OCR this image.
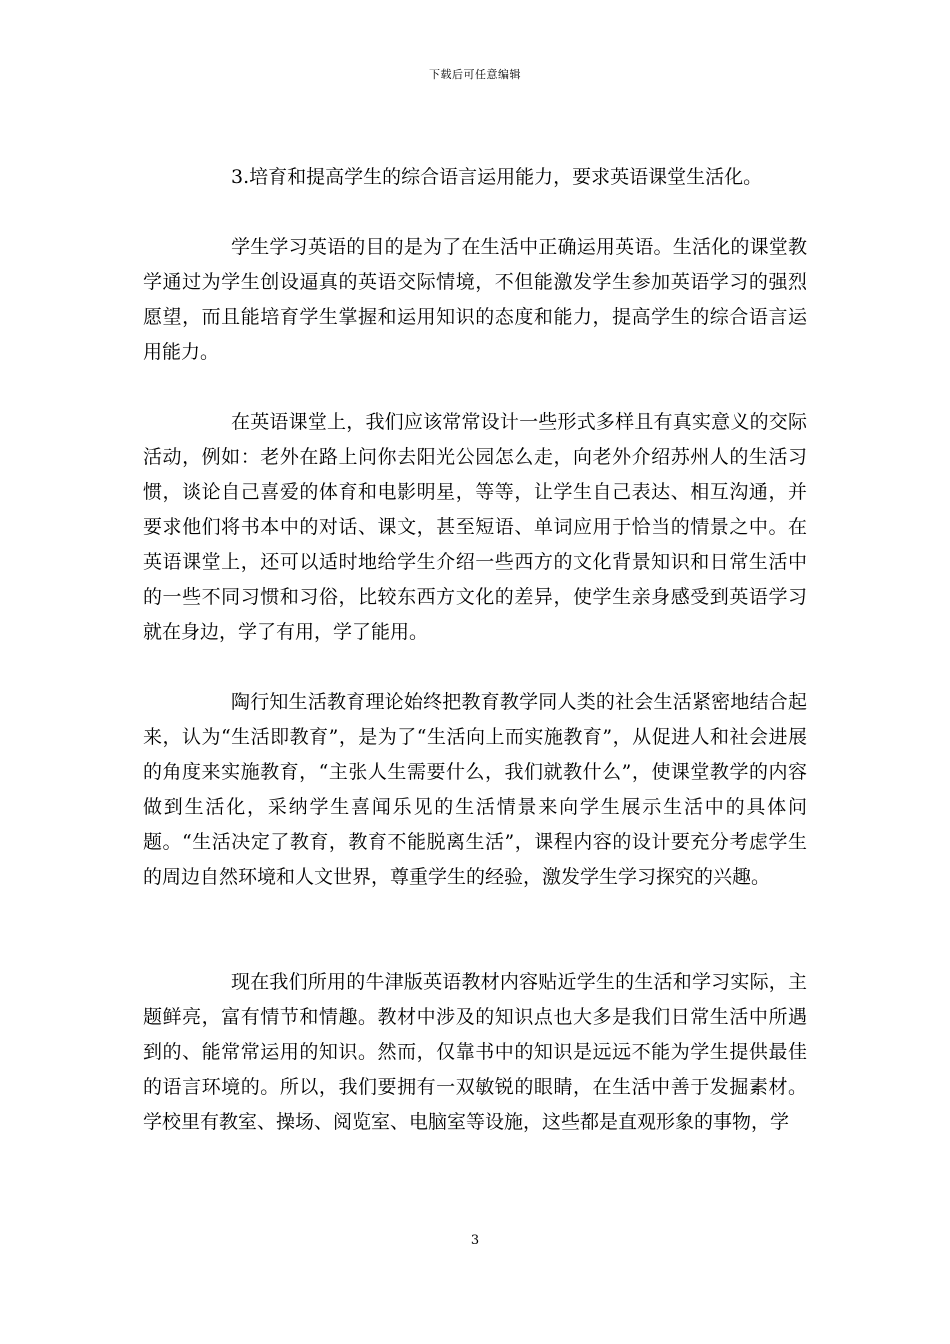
下载后可任意编辑

3.培育和提高学生的综合语言运用能力，要求英语课堂生活化。

学生学习英语的目的是为了在生活中正确运用英语。生活化的课堂教学通过为学生创设逼真的英语交际情境，不但能激发学生参加英语学习的强烈愿望，而且能培育学生掌握和运用知识的态度和能力，提高学生的综合语言运用能力。

在英语课堂上，我们应该常常设计一些形式多样且有真实意义的交际活动，例如：老外在路上问你去阳光公园怎么走，向老外介绍苏州人的生活习惯，谈论自己喜爱的体育和电影明星，等等，让学生自己表达、相互沟通，并要求他们将书本中的对话、课文，甚至短语、单词应用于恰当的情景之中。在英语课堂上，还可以适时地给学生介绍一些西方的文化背景知识和日常生活中的一些不同习惯和习俗，比较东西方文化的差异，使学生亲身感受到英语学习就在身边，学了有用，学了能用。

陶行知生活教育理论始终把教育教学同人类的社会生活紧密地结合起来，认为“生活即教育”，是为了“生活向上而实施教育”，从促进人和社会进展的角度来实施教育，“主张人生需要什么，我们就教什么”，使课堂教学的内容做到生活化，采纳学生喜闻乐见的生活情景来向学生展示生活中的具体问题。“生活决定了教育，教育不能脱离生活”，课程内容的设计要充分考虑学生的周边自然环境和人文世界，尊重学生的经验，激发学生学习探究的兴趣。

现在我们所用的牛津版英语教材内容贴近学生的生活和学习实际，主题鲜亮，富有情节和情趣。教材中涉及的知识点也大多是我们日常生活中所遇到的、能常常运用的知识。然而，仅靠书中的知识是远远不能为学生提供最佳的语言环境的。所以，我们要拥有一双敏锐的眼睛，在生活中善于发掘素材。学校里有教室、操场、阅览室、电脑室等设施，这些都是直观形象的事物，学

3
